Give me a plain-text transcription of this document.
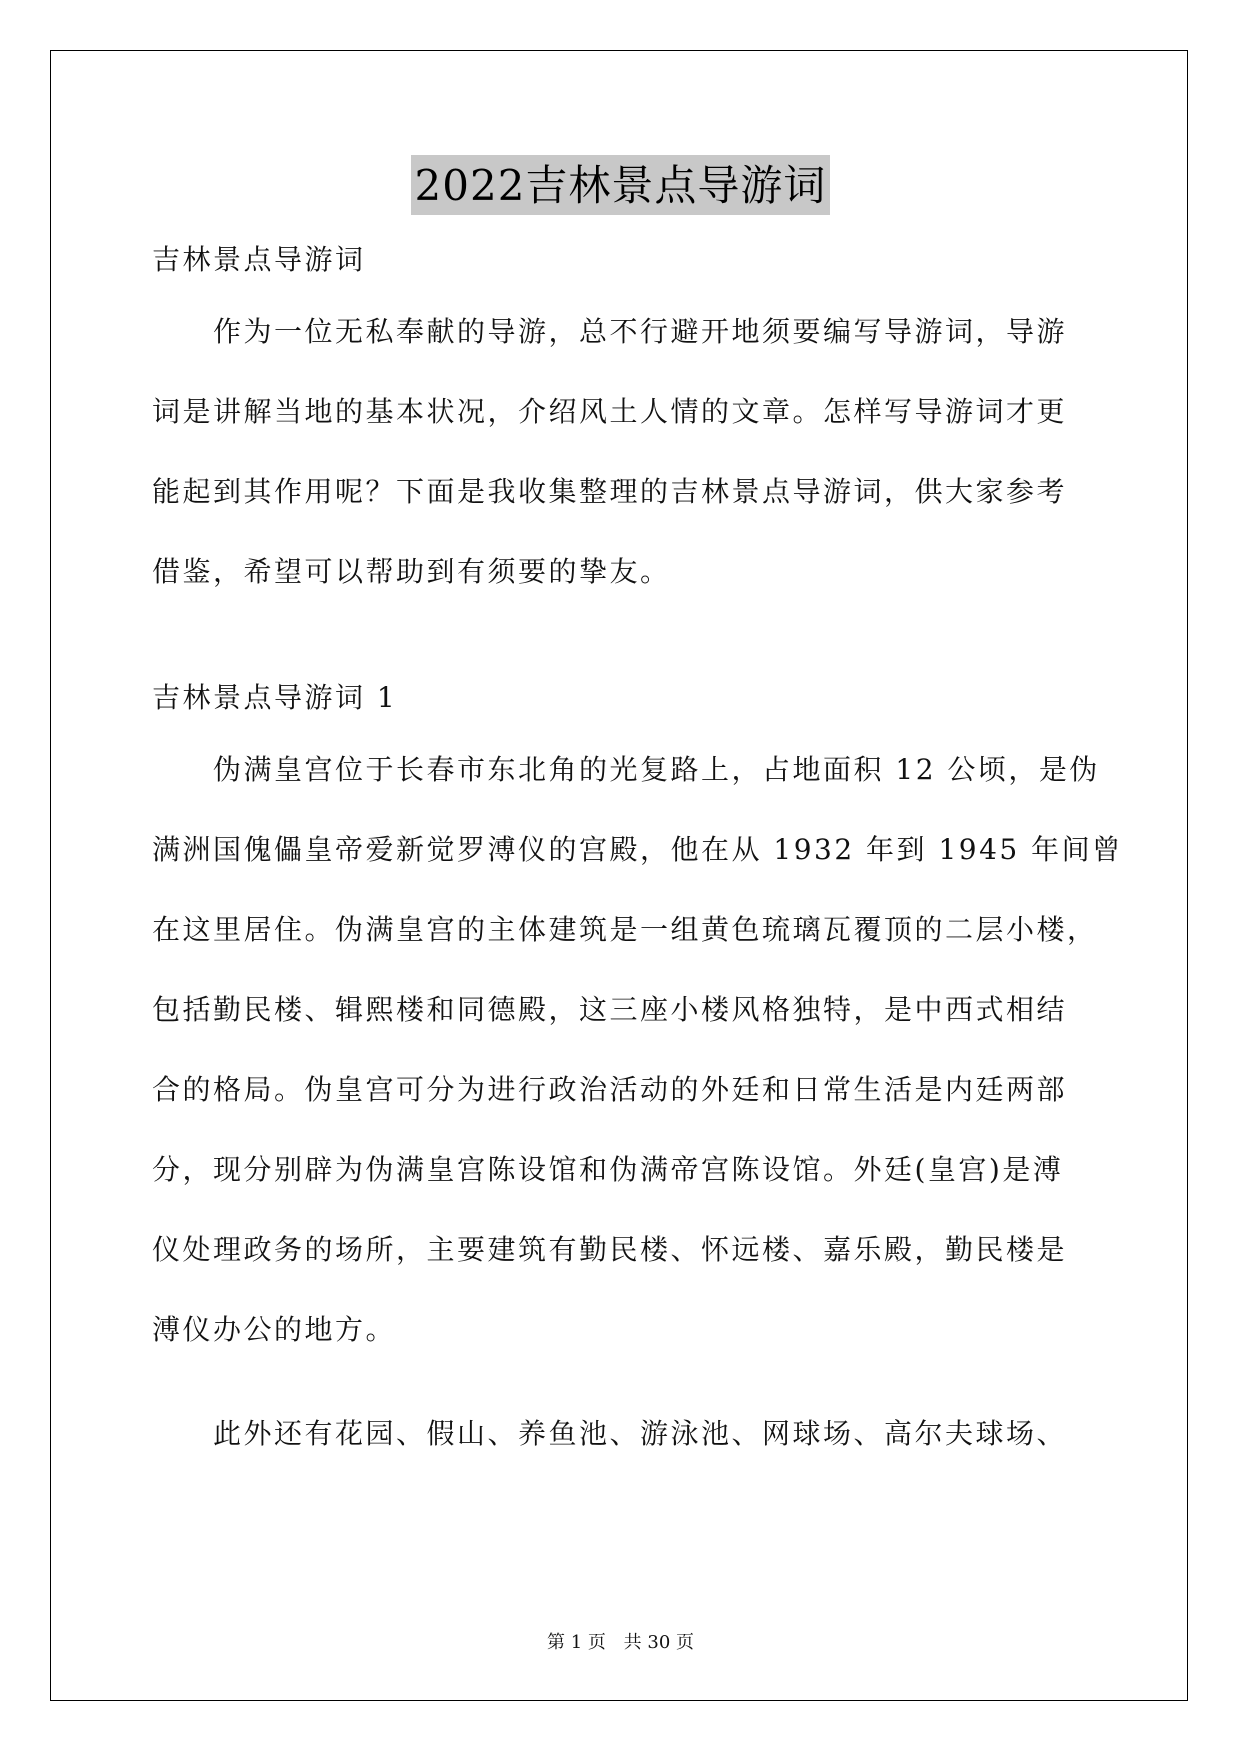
2022吉林景点导游词
吉林景点导游词
　　作为一位无私奉献的导游，总不行避开地须要编写导游词，导游
词是讲解当地的基本状况，介绍风土人情的文章。怎样写导游词才更
能起到其作用呢？下面是我收集整理的吉林景点导游词，供大家参考
借鉴，希望可以帮助到有须要的挚友。
吉林景点导游词 1
　　伪满皇宫位于长春市东北角的光复路上，占地面积 12 公顷，是伪
满洲国傀儡皇帝爱新觉罗溥仪的宫殿，他在从 1932 年到 1945 年间曾
在这里居住。伪满皇宫的主体建筑是一组黄色琉璃瓦覆顶的二层小楼，
包括勤民楼、辑熙楼和同德殿，这三座小楼风格独特，是中西式相结
合的格局。伪皇宫可分为进行政治活动的外廷和日常生活是内廷两部
分，现分别辟为伪满皇宫陈设馆和伪满帝宫陈设馆。外廷(皇宫)是溥
仪处理政务的场所，主要建筑有勤民楼、怀远楼、嘉乐殿，勤民楼是
溥仪办公的地方。
　　此外还有花园、假山、养鱼池、游泳池、网球场、高尔夫球场、
第 1 页 共 30 页
